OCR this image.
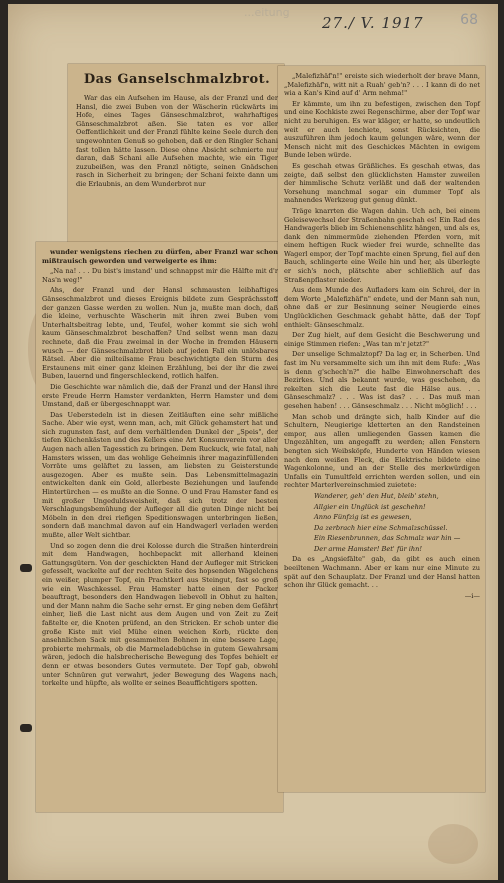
...eitung
27./ V. 1917	68
Das Ganselschmalzbrot.

War das ein Aufsehen im Hause, als der Franzl und der Hansl, die zwei Buben von der Wäscherin rückwärts im Hofe, eines Tages Gänseschmalzbrot, wahrhaftiges Gänseschmalzbrot aßen. Sie taten es vor aller Oeffentlichkeit und der Franzl fühlte keine Seele durch den ungewohnten Genuß so gehoben, daß er den Ringler Schani fast tollen hätte lassen. Diese ohne Absicht schmierte nur daran, daß Schani alle Aufsehen machte, wie ein Tiger zuzubeißen, was den Franzl nötigte, seinen Gnädschen rasch in Sicherheit zu bringen; der Schani feixte dann um die Erlaubnis, an dem Wunderbrot nur

wunder wenigstens riechen zu dürfen, aber Franzl war schon mißtrauisch geworden und verweigerte es ihm:

„Na na! . . . Du bist's imstand' und schnappst mir die Hälfte mit d'r Nas'n weg!"

Ahs, der Franzl und der Hansl schmausten leibhaftiges Gänseschmalzbrot und dieses Ereignis bildete zum Gesprächsstoff der ganzen Gasse werden zu wollen. Nun ja, mußte man doch, daß die kleine, verhuschte Wäscherin mit ihren zwei Buben vom Unterhaltsbeitrag lebte, und, Teufel, woher kommt sie sich wohl kaum Gänseschmalzbrot beschaffen? Und selbst wenn man dazu rechnete, daß die Frau zweimal in der Woche in fremden Häusern wusch — der Gänseschmalzbrot blieb auf jeden Fall ein unlösbares Rätsel. Aber die milteilsame Frau beschwichtigte den Sturm des Erstaunens mit einer ganz kleinen Erzählung, bei der ihr die zwei Buben, lauernd und fingerschleckend, rotlich halfen.

Die Geschichte war nämlich die, daß der Franzl und der Hansl ihre erste Freude Herrn Hamster verdankten, Herrn Hamster und dem Umstand, daß er übergeschnappt war.

Das Ueberstedeln ist in diesen Zeitläuften eine sehr mißliche Sache. Aber wie eyst, wenn man, ach, mit Glück gehamstert hat und sich zugunsten fast, auf dem verhältlenden Dunkel der „Speis", der tiefen Küchenkästen und des Kellers eine Art Konsumverein vor aller Augen nach allen Tagesstich zu bringen. Dem Ruckuck, wie fatal, nah Hamsters wissen, um das wohlige Geheimnis ihrer magazinfüllenden Vorräte ums geläftet zu lassen, am liebsten zu Geisterstunde ausgezogen. Aber es mußte sein. Das Lebensmittelmagazin entwickelten dank ein Gold, allerbeste Beziehungen und laufende Hintertürchen — es mußte an die Sonne. O und Frau Hamster fand es mit großer Ungeduldsweisheit, daß sich trotz der besten Verschlagungsbemühung der Aufleger all die guten Dinge nicht bei Möbeln in den drei riefigen Speditionswagen unterbringen ließen, sondern daß manchmal davon auf ein Handwagerl verladen werden mußte, aller Welt sichtbar.

Und so zogen denn die drei Kolosse durch die Straßen hinterdrein mit dem Handwagen, hochbepackt mit allerhand kleinen Gattungsgütern. Von der geschickten Hand der Aufleger mit Stricken gefesselt, wackelte auf der rechten Seite des hopsenden Wägelchens ein weißer, plumper Topf, ein Prachtkerl aus Steingut, fast so groß wie ein Waschkessel. Frau Hamster hatte einen der Packer beauftragt, besonders den Handwagen liebevoll in Obhut zu halten, und der Mann nahm die Sache sehr ernst. Er ging neben dem Gefährt einher, ließ die Last nicht aus dem Augen und von Zeit zu Zeit faßtelte er, die Knoten prüfend, an den Stricken. Er schob unter die große Kiste mit viel Mühe einen weichen Korb, rückte den ansehnlichen Sack mit gesammelten Bohnen in eine bessere Lage, probierte mehrmals, ob die Marmeladebüchse in gutem Gewahrsam wären, jedoch die halsbrecherische Bewegung des Topfes behielt er denn er etwas besonders Gutes vermutete. Der Topf gab, obwohl unter Schnüren gut verwahrt, jeder Bewegung des Wagens nach, torkelte und hüpfte, als wollte er seines Beauffichtigers spotten.

„Malefizhäf'n!" ereiste sich wiederholt der brave Mann, „Malefizhäf'n, witt nit a Ruah' geb'n? . . . I kann di do net wia a Kan's Kind auf d' Arm nehma!"

Er kämmte, um ihn zu befestigen, zwischen den Topf und eine Kochkiste zwei Regenschirme, aber der Topf war nicht zu beruhigen. Es war kläger, er hatte, so undeutlich weit er auch lenchiete, sonst Rücksichten, die auszuführen ihm jedoch kaum gelungen wäre, wenn der Mensch nicht mit des Geschickes Mächten in ewigem Bunde leben würde.

Es geschah etwas Gräßliches. Es geschah etwas, das zeigte, daß selbst den glücklichsten Hamster zuweilen der himmlische Schutz verläßt und daß der waltenden Vorsehung manchmal sogar ein dummer Topf als mahnendes Werkzeug gut genug dünkt.

Träge knarrten die Wagen dahin. Uch ach, bei einem Geleisewechsel der Straßenbahn geschah es! Ein Rad des Handwagerls blieb im Schienenschlitz hängen, und als es, dank den nimmermüde ziehenden Pferden vorn, mit einem heftigen Ruck wieder frei wurde, schnellte das Wagerl empor, der Topf machte einen Sprung, fiel auf den Bauch, schlingerte eine Weile hin und her, als überlegte er sich's noch, plätschte aber schließlich auf das Straßenpflaster nieder.

Aus dem Munde des Aufladers kam ein Schrei, der in dem Worte „Malefizhäf'n" endete, und der Mann sah nun, ohne daß er zur Besinnung seiner Neugierde eines Unglücklichen Geschmack gehabt hätte, daß der Topf enthielt: Gänseschmalz.

Der Zug hielt, auf dem Gesicht die Beschwerung und einige Stimmen riefen: „Was tan m'r jetzt?"

Der unselige Schmalztopf? Da lag er, in Scherben. Und fast im Nu versammelte sich um ihn mit dem Rufe: „Was is denn g'schech'n?" die halbe Einwohnerschaft des Bezirkes. Und als bekannt wurde, was geschehen, da rekelten sich die Leute fast die Hälse aus. . . Gänseschmalz? . . . Was ist das? . . . Das muß man gesehen haben! . . . Gänseschmalz . . . Nicht möglich! . . .

Man schob und drängte sich, halb Kinder auf die Schultern, Neugierige kletterten an den Randsteinen empor, aus allen umliegenden Gassen kamen die Ungezählten, um angegafft zu werden; allen Fenstern bengten sich Weibsköpfe, Hunderte von Händen wiesen nach dem weißen Fleck, die Elektrische bildete eine Wagenkolonne, und an der Stelle des merkwürdigen Unfalls ein Tumultfeld errichten werden sollen, und ein rechter Marterlvereinschmied zuietete:

Wanderer, geh' den Hut, bleib' stehn,

Allgier ein Unglück ist geschehn!

Anno Fünfzig ist es gewesen,

Da zerbrach hier eine Schmalzschüssel.

Ein Riesenbrunnen, das Schmalz war hin —

Der arme Hamster! Bet' für ihn!

Da es „Angsiefälte" gab, da gibt es auch einen beeiltenen Wachmann. Aber er kam nur eine Minute zu spät auf den Schauplatz. Der Franzl und der Hansl hatten schon ihr Glück gemacht. . .

—i—
